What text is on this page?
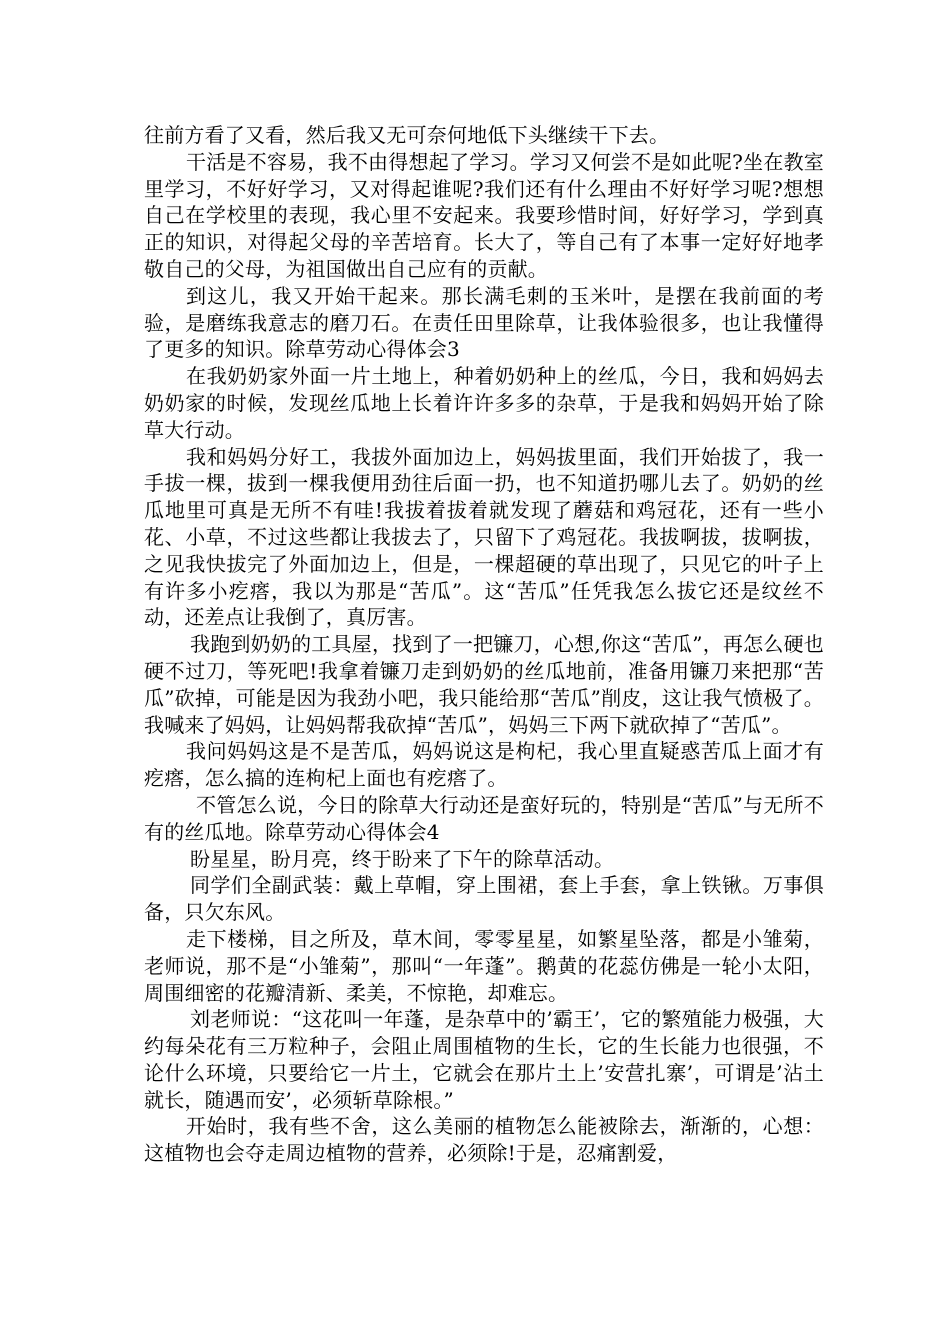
往前方看了又看，然后我又无可奈何地低下头继续干下去。

干活是不容易，我不由得想起了学习。学习又何尝不是如此呢?坐在教室里学习，不好好学习，又对得起谁呢?我们还有什么理由不好好学习呢?想想自己在学校里的表现，我心里不安起来。我要珍惜时间，好好学习，学到真正的知识，对得起父母的辛苦培育。长大了，等自己有了本事一定好好地孝敬自己的父母，为祖国做出自己应有的贡献。

到这儿，我又开始干起来。那长满毛刺的玉米叶，是摆在我前面的考验，是磨练我意志的磨刀石。在责任田里除草，让我体验很多，也让我懂得了更多的知识。除草劳动心得体会3

在我奶奶家外面一片土地上，种着奶奶种上的丝瓜，今日，我和妈妈去奶奶家的时候，发现丝瓜地上长着许许多多的杂草，于是我和妈妈开始了除草大行动。

我和妈妈分好工，我拔外面加边上，妈妈拔里面，我们开始拔了，我一手拔一棵，拔到一棵我便用劲往后面一扔，也不知道扔哪儿去了。奶奶的丝瓜地里可真是无所不有哇!我拔着拔着就发现了蘑菇和鸡冠花，还有一些小花、小草，不过这些都让我拔去了，只留下了鸡冠花。我拔啊拔，拔啊拔，之见我快拔完了外面加边上，但是，一棵超硬的草出现了，只见它的叶子上有许多小疙瘩，我以为那是“苦瓜”。这“苦瓜”任凭我怎么拔它还是纹丝不动，还差点让我倒了，真厉害。

我跑到奶奶的工具屋，找到了一把镰刀，心想,你这“苦瓜”，再怎么硬也硬不过刀，等死吧!我拿着镰刀走到奶奶的丝瓜地前，准备用镰刀来把那“苦瓜”砍掉，可能是因为我劲小吧，我只能给那“苦瓜”削皮，这让我气愤极了。我喊来了妈妈，让妈妈帮我砍掉“苦瓜”，妈妈三下两下就砍掉了“苦瓜”。

我问妈妈这是不是苦瓜，妈妈说这是枸杞，我心里直疑惑苦瓜上面才有疙瘩，怎么搞的连枸杞上面也有疙瘩了。

不管怎么说，今日的除草大行动还是蛮好玩的，特别是“苦瓜”与无所不有的丝瓜地。除草劳动心得体会4

盼星星，盼月亮，终于盼来了下午的除草活动。

同学们全副武装：戴上草帽，穿上围裙，套上手套，拿上铁锹。万事俱备，只欠东风。

走下楼梯，目之所及，草木间，零零星星，如繁星坠落，都是小雏菊，老师说，那不是“小雏菊”，那叫“一年蓬”。鹅黄的花蕊仿佛是一轮小太阳，周围细密的花瓣清新、柔美，不惊艳，却难忘。

刘老师说：“这花叫一年蓬，是杂草中的’霸王’，它的繁殖能力极强，大约每朵花有三万粒种子，会阻止周围植物的生长，它的生长能力也很强，不论什么环境，只要给它一片土，它就会在那片土上’安营扎寨’，可谓是’沾土就长，随遇而安’，必须斩草除根。”

开始时，我有些不舍，这么美丽的植物怎么能被除去，渐渐的，心想：这植物也会夺走周边植物的营养，必须除!于是，忍痛割爱，
